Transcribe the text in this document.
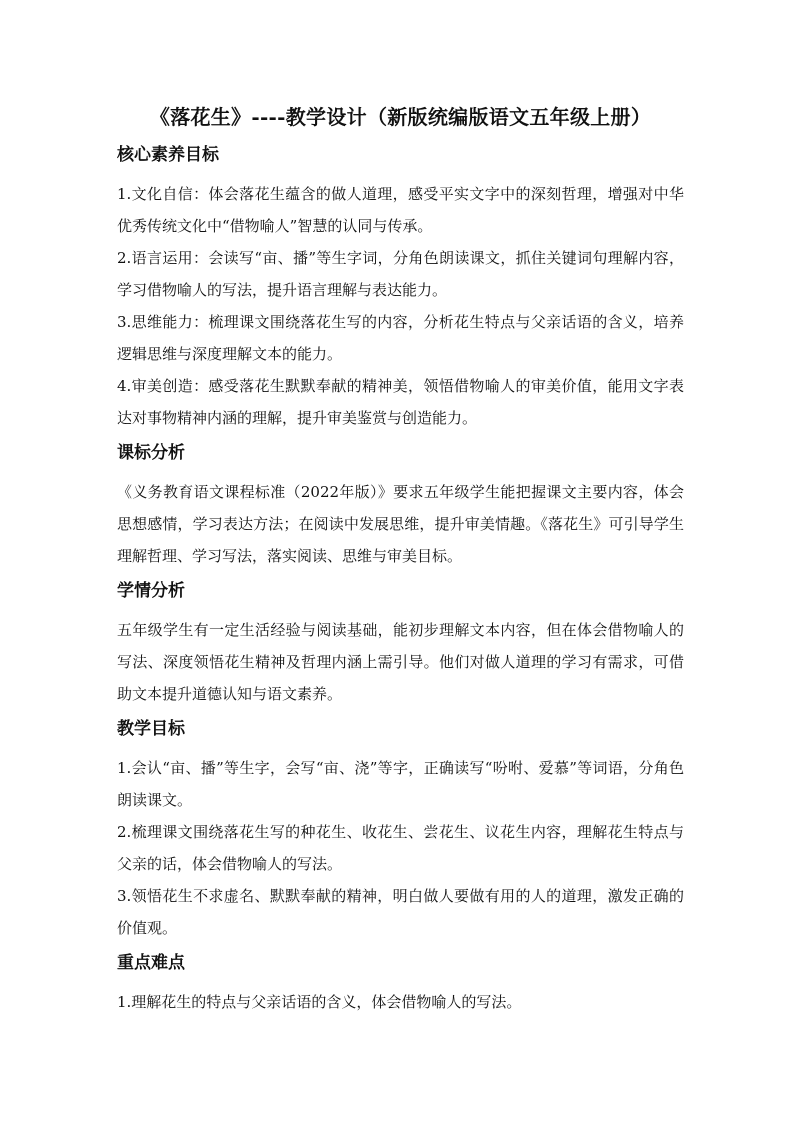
《落花生》----教学设计（新版统编版语文五年级上册）
核心素养目标

1.文化自信：体会落花生蕴含的做人道理，感受平实文字中的深刻哲理，增强对中华优秀传统文化中“借物喻人”智慧的认同与传承。

2.语言运用：会读写“亩、播”等生字词，分角色朗读课文，抓住关键词句理解内容，学习借物喻人的写法，提升语言理解与表达能力。

3.思维能力：梳理课文围绕落花生写的内容，分析花生特点与父亲话语的含义，培养逻辑思维与深度理解文本的能力。

4.审美创造：感受落花生默默奉献的精神美，领悟借物喻人的审美价值，能用文字表达对事物精神内涵的理解，提升审美鉴赏与创造能力。

课标分析

《义务教育语文课程标准（2022年版）》要求五年级学生能把握课文主要内容，体会思想感情，学习表达方法；在阅读中发展思维，提升审美情趣。《落花生》可引导学生理解哲理、学习写法，落实阅读、思维与审美目标。

学情分析

五年级学生有一定生活经验与阅读基础，能初步理解文本内容，但在体会借物喻人的写法、深度领悟花生精神及哲理内涵上需引导。他们对做人道理的学习有需求，可借助文本提升道德认知与语文素养。

教学目标

1.会认“亩、播”等生字，会写“亩、浇”等字，正确读写“吩咐、爱慕”等词语，分角色朗读课文。

2.梳理课文围绕落花生写的种花生、收花生、尝花生、议花生内容，理解花生特点与父亲的话，体会借物喻人的写法。

3.领悟花生不求虚名、默默奉献的精神，明白做人要做有用的人的道理，激发正确的价值观。

重点难点

1.理解花生的特点与父亲话语的含义，体会借物喻人的写法。
